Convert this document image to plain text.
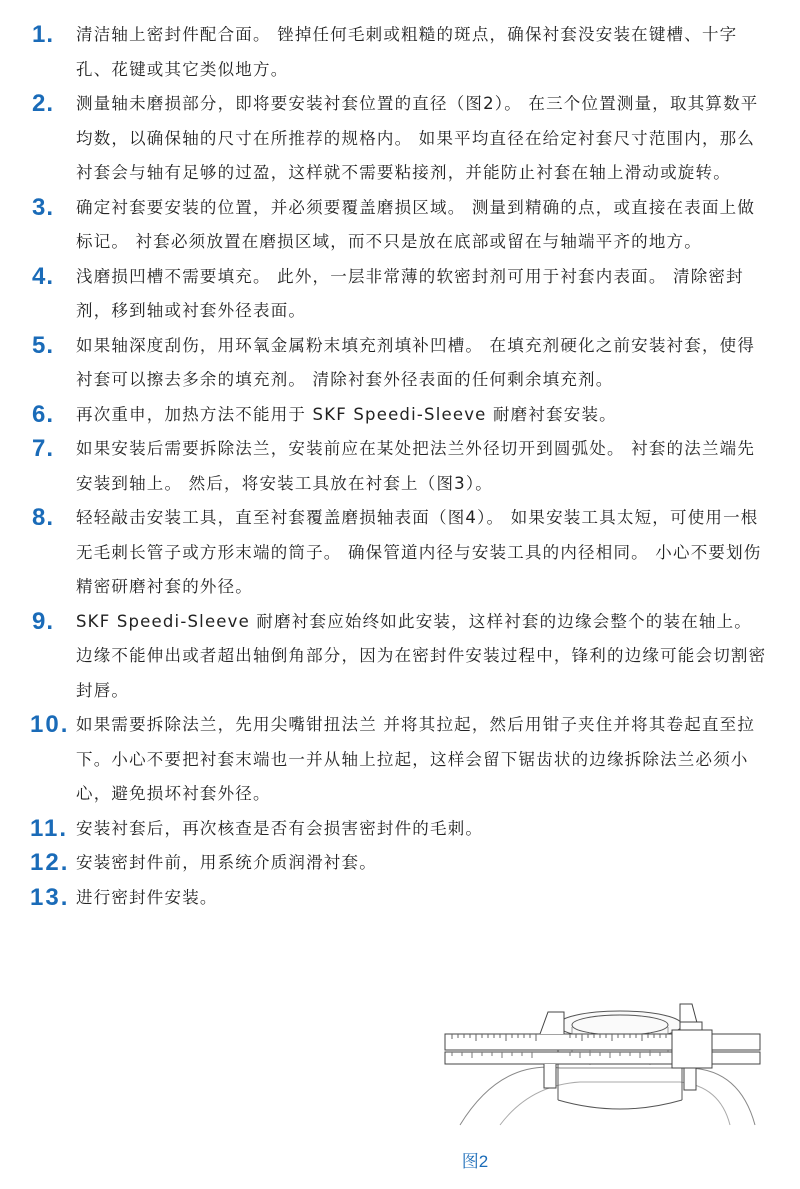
1. 清洁轴上密封件配合面。 锉掉任何毛刺或粗糙的斑点，确保衬套没安装在键槽、十字孔、花键或其它类似地方。

2. 测量轴未磨损部分，即将要安装衬套位置的直径（图2）。 在三个位置测量，取其算数平均数，以确保轴的尺寸在所推荐的规格内。 如果平均直径在给定衬套尺寸范围内，那么衬套会与轴有足够的过盈，这样就不需要粘接剂，并能防止衬套在轴上滑动或旋转。

3. 确定衬套要安装的位置，并必须要覆盖磨损区域。 测量到精确的点，或直接在表面上做标记。 衬套必须放置在磨损区域，而不只是放在底部或留在与轴端平齐的地方。

4. 浅磨损凹槽不需要填充。 此外，一层非常薄的软密封剂可用于衬套内表面。 清除密封剂，移到轴或衬套外径表面。

5. 如果轴深度刮伤，用环氧金属粉末填充剂填补凹槽。 在填充剂硬化之前安装衬套，使得衬套可以擦去多余的填充剂。 清除衬套外径表面的任何剩余填充剂。

6. 再次重申，加热方法不能用于 SKF Speedi-Sleeve 耐磨衬套安装。

7. 如果安装后需要拆除法兰，安装前应在某处把法兰外径切开到圆弧处。 衬套的法兰端先安装到轴上。 然后，将安装工具放在衬套上（图3）。

8. 轻轻敲击安装工具，直至衬套覆盖磨损轴表面（图4）。 如果安装工具太短，可使用一根无毛刺长管子或方形末端的筒子。 确保管道内径与安装工具的内径相同。 小心不要划伤精密研磨衬套的外径。

9. SKF Speedi-Sleeve 耐磨衬套应始终如此安装，这样衬套的边缘会整个的装在轴上。 边缘不能伸出或者超出轴倒角部分，因为在密封件安装过程中，锋利的边缘可能会切割密封唇。

10. 如果需要拆除法兰，先用尖嘴钳扭法兰 并将其拉起，然后用钳子夹住并将其卷起直至拉下。小心不要把衬套末端也一并从轴上拉起，这样会留下锯齿状的边缘拆除法兰必须小心，避免损坏衬套外径。

11. 安装衬套后，再次核查是否有会损害密封件的毛刺。

12. 安装密封件前，用系统介质润滑衬套。

13. 进行密封件安装。

图2
